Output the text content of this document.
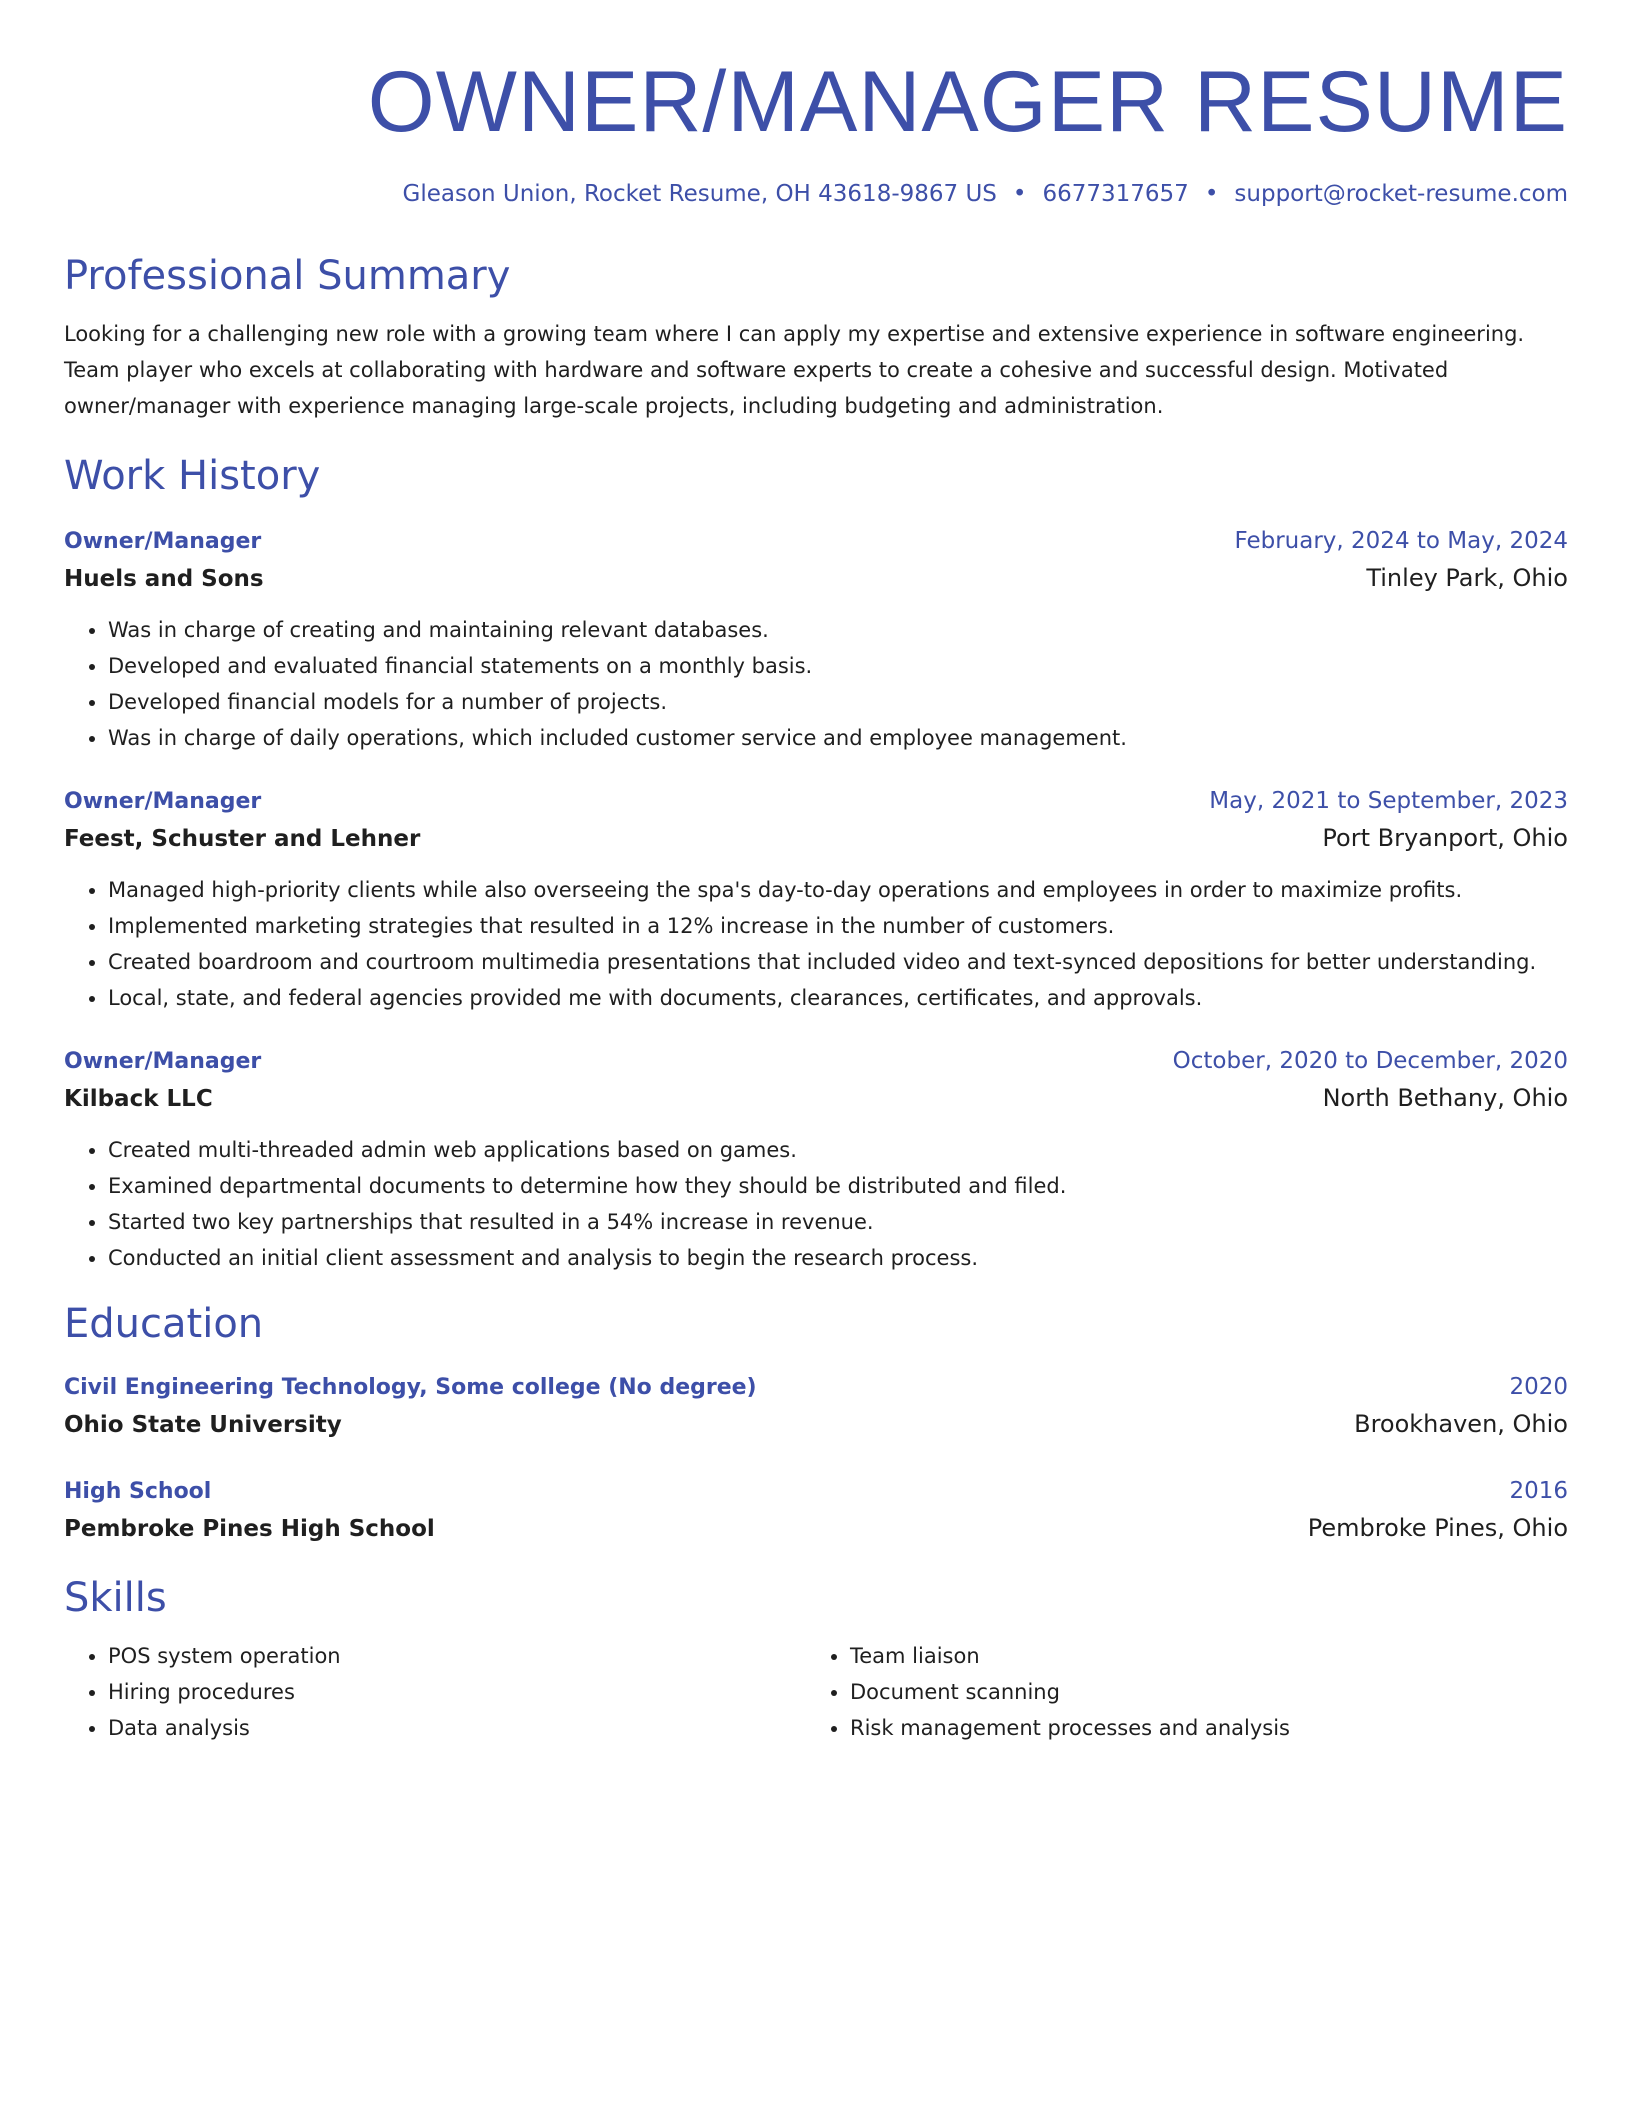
OWNER/MANAGER RESUME
Gleason Union, Rocket Resume, OH 43618-9867 US • 6677317657 • support@rocket-resume.com
Professional Summary

Looking for a challenging new role with a growing team where I can apply my expertise and extensive experience in software engineering. Team player who excels at collaborating with hardware and software experts to create a cohesive and successful design. Motivated owner/manager with experience managing large-scale projects, including budgeting and administration.

Work History
Owner/Manager	February, 2024 to May, 2024
Huels and Sons	Tinley Park, Ohio
• Was in charge of creating and maintaining relevant databases.
• Developed and evaluated financial statements on a monthly basis.
• Developed financial models for a number of projects.
• Was in charge of daily operations, which included customer service and employee management.
Owner/Manager	May, 2021 to September, 2023
Feest, Schuster and Lehner	Port Bryanport, Ohio
• Managed high-priority clients while also overseeing the spa's day-to-day operations and employees in order to maximize profits.
• Implemented marketing strategies that resulted in a 12% increase in the number of customers.
• Created boardroom and courtroom multimedia presentations that included video and text-synced depositions for better understanding.
• Local, state, and federal agencies provided me with documents, clearances, certificates, and approvals.
Owner/Manager	October, 2020 to December, 2020
Kilback LLC	North Bethany, Ohio
• Created multi-threaded admin web applications based on games.
• Examined departmental documents to determine how they should be distributed and filed.
• Started two key partnerships that resulted in a 54% increase in revenue.
• Conducted an initial client assessment and analysis to begin the research process.
Education
Civil Engineering Technology, Some college (No degree)	2020
Ohio State University	Brookhaven, Ohio
High School	2016
Pembroke Pines High School	Pembroke Pines, Ohio
Skills
• POS system operation
• Hiring procedures
• Data analysis
• Team liaison
• Document scanning
• Risk management processes and analysis
